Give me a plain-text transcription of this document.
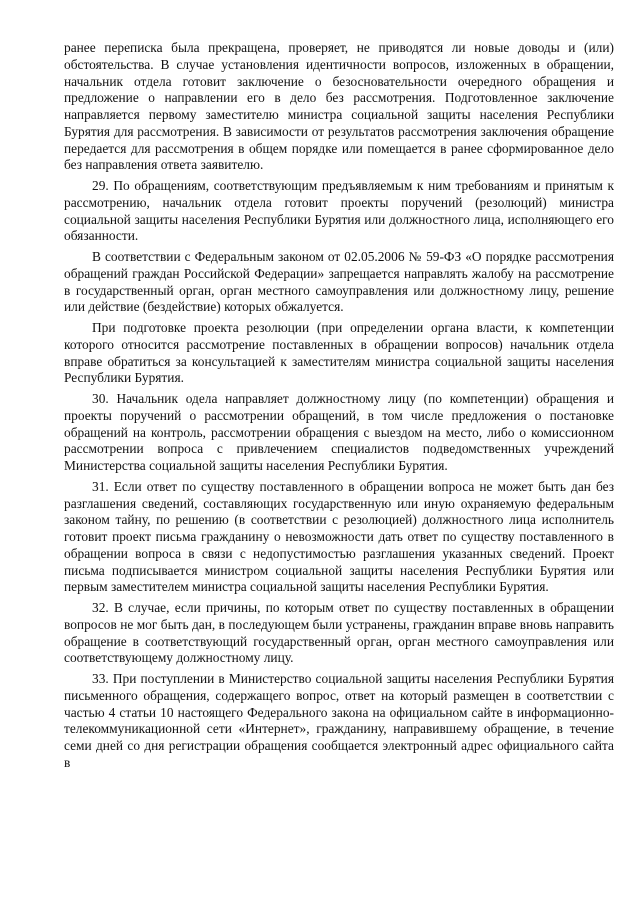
ранее переписка была прекращена, проверяет, не приводятся ли новые доводы и (или) обстоятельства. В случае установления идентичности вопросов, изложенных в обращении, начальник отдела готовит заключение о безосновательности очередного обращения и предложение о направлении его в дело без рассмотрения. Подготовленное заключение направляется первому заместителю министра социальной защиты населения Республики Бурятия для рассмотрения. В зависимости от результатов рассмотрения заключения обращение передается для рассмотрения в общем порядке или помещается в ранее сформированное дело без направления ответа заявителю.

29. По обращениям, соответствующим предъявляемым к ним требованиям и принятым к рассмотрению, начальник отдела готовит проекты поручений (резолюций) министра социальной защиты населения Республики Бурятия или должностного лица, исполняющего его обязанности.

В соответствии с Федеральным законом от 02.05.2006 № 59-ФЗ «О порядке рассмотрения обращений граждан Российской Федерации» запрещается направлять жалобу на рассмотрение в государственный орган, орган местного самоуправления или должностному лицу, решение или действие (бездействие) которых обжалуется.

При подготовке проекта резолюции (при определении органа власти, к компетенции которого относится рассмотрение поставленных в обращении вопросов) начальник отдела вправе обратиться за консультацией к заместителям министра социальной защиты населения Республики Бурятия.

30. Начальник одела направляет должностному лицу (по компетенции) обращения и проекты поручений о рассмотрении обращений, в том числе предложения о постановке обращений на контроль, рассмотрении обращения с выездом на место, либо о комиссионном рассмотрении вопроса с привлечением специалистов подведомственных учреждений Министерства социальной защиты населения Республики Бурятия.

31. Если ответ по существу поставленного в обращении вопроса не может быть дан без разглашения сведений, составляющих государственную или иную охраняемую федеральным законом тайну, по решению (в соответствии с резолюцией) должностного лица исполнитель готовит проект письма гражданину о невозможности дать ответ по существу поставленного в обращении вопроса в связи с недопустимостью разглашения указанных сведений. Проект письма подписывается министром социальной защиты населения Республики Бурятия или первым заместителем министра социальной защиты населения Республики Бурятия.

32. В случае, если причины, по которым ответ по существу поставленных в обращении вопросов не мог быть дан, в последующем были устранены, гражданин вправе вновь направить обращение в соответствующий государственный орган, орган местного самоуправления или соответствующему должностному лицу.

33. При поступлении в Министерство социальной защиты населения Республики Бурятия письменного обращения, содержащего вопрос, ответ на который размещен в соответствии с частью 4 статьи 10 настоящего Федерального закона на официальном сайте в информационно-телекоммуникационной сети «Интернет», гражданину, направившему обращение, в течение семи дней со дня регистрации обращения сообщается электронный адрес официального сайта в
